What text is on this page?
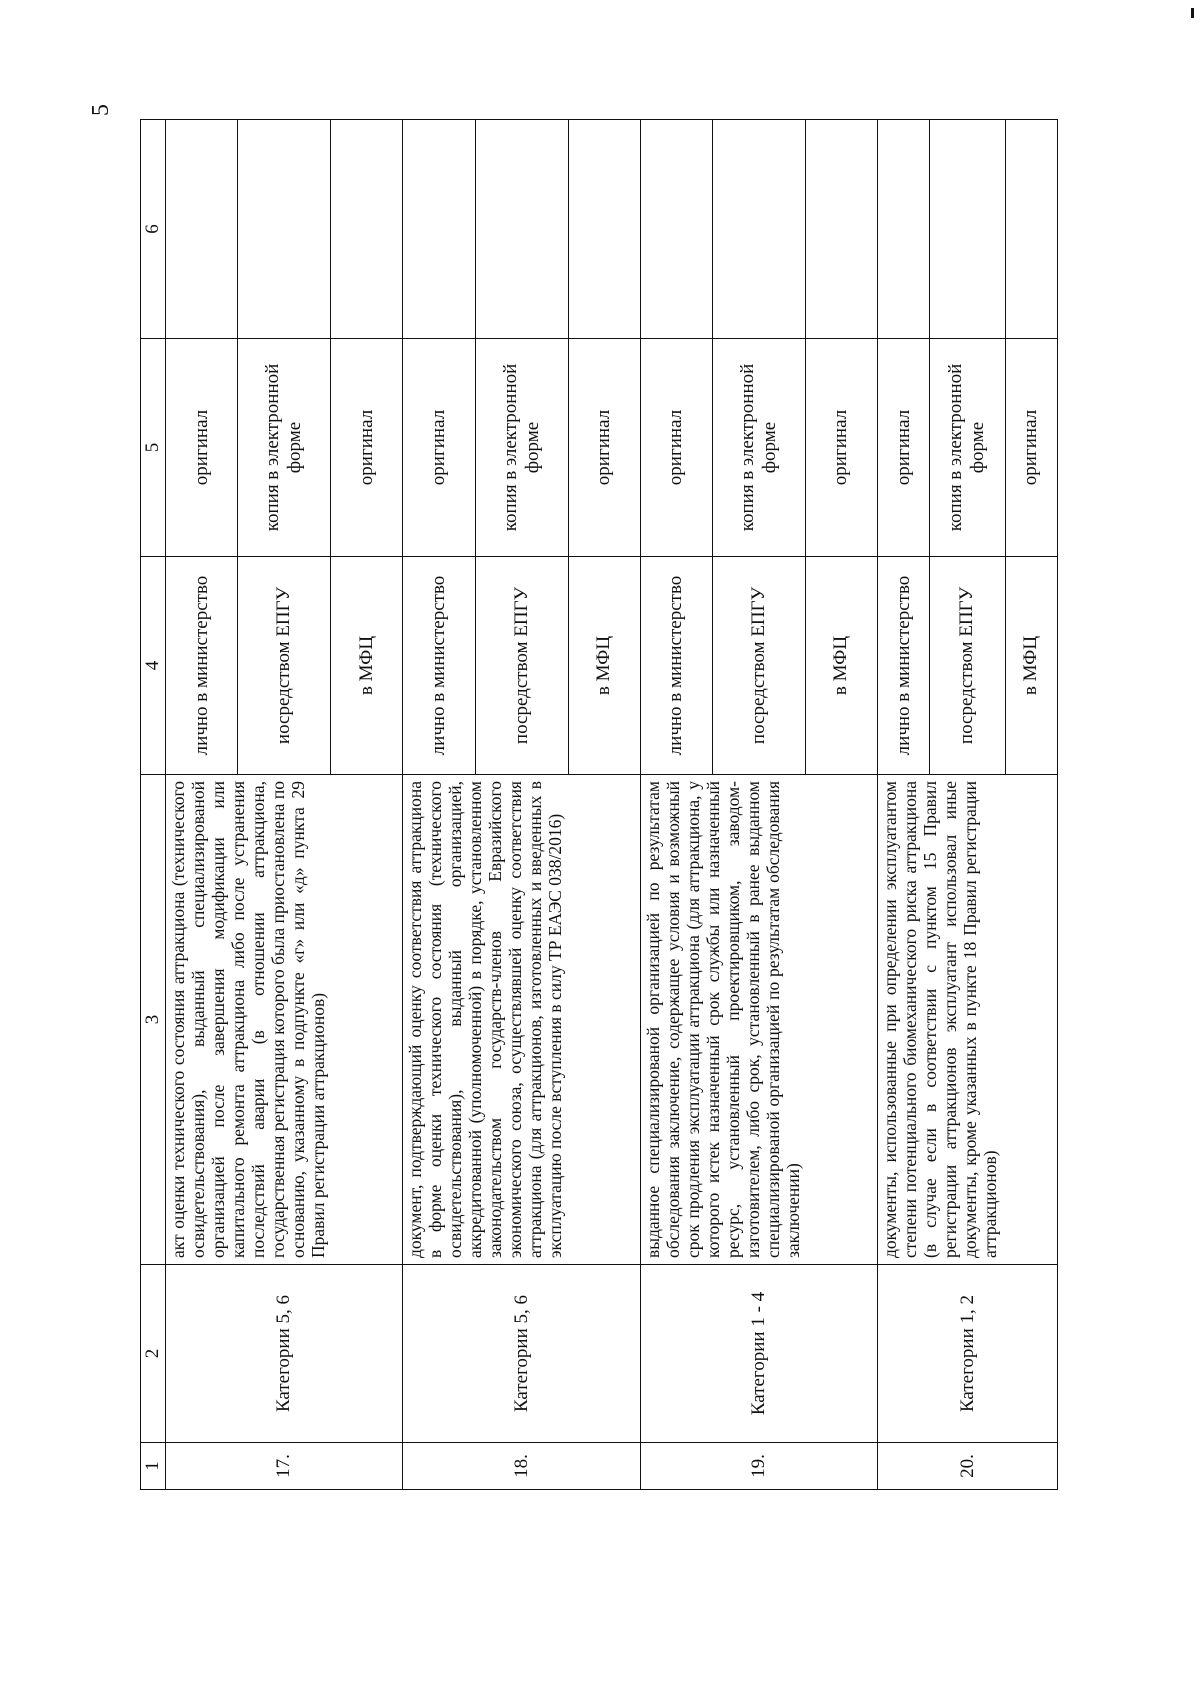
5
1	2	3	4	5	6
17.	Категории 5, 6	акт оценки технического состояния аттракциона (технического освидетельствования), выданный специализированой организацией после завершения модификации или капитального ремонта аттракциона либо после устранения последствий аварии (в отношении аттракциона, государственная регистрация которого была приостановлена по основанию, указанному в подпункте «г» или «д» пункта 29 Правил регистрации аттракционов)	лично в министерство	оригинал	
			иосредством ЕПГУ	копия в электронной форме	
			в МФЦ	оригинал	
18.	Категории 5, 6	документ, подтверждающий оценку соответствия аттракциона в форме оценки технического состояния (технического освидетельствования), выданный организацией, аккредитованной (уполномоченной) в порядке, установленном законодательством государств-членов Евразийского экономического союза, осуществлявшей оценку соответствия аттракциона (для аттракционов, изготовленных и введенных в эксплуатацию после вступления в силу ТР ЕАЭС 038/2016)	лично в министерство	оригинал	
			посредством ЕПГУ	копия в электронной форме	
			в МФЦ	оригинал	
19.	Категории 1 - 4	выданное специализированой организацией по результатам обследования заключение, содержащее условия и возможный срок продления эксплуатации аттракциона (для аттракциона, у которого истек назначенный срок службы или назначенный ресурс, установленный проектировщиком, заводом-изготовителем, либо срок, установленный в ранее выданном специализированой организацией по результатам обследования заключении)	лично в министерство	оригинал	
			посредством ЕПГУ	копия в электронной форме	
			в МФЦ	оригинал	
20.	Категории 1, 2	документы, использованные при определении эксплуатантом степени потенциального биомеханического риска аттракциона (в случае если в соответствии с пунктом 15 Правил регистрации аттракционов эксплуатант использовал иные документы, кроме указанных в пункте 18 Правил регистрации аттракционов)	лично в министерство	оригинал	
			посредством ЕПГУ	копия в электронной форме	
			в МФЦ	оригинал	
